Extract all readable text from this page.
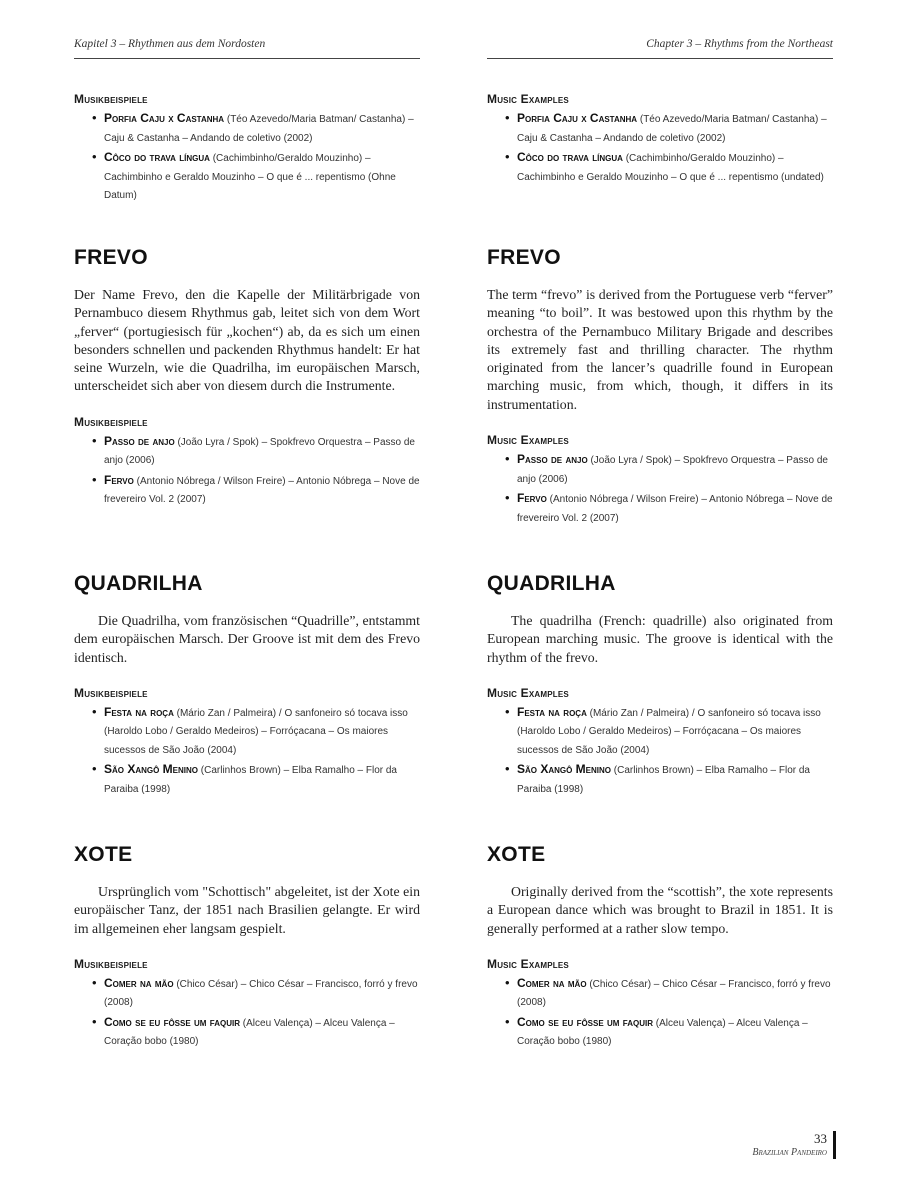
Kapitel 3 – Rhythmen aus dem Nordosten
Musikbeispiele
• Porfia Caju x Castanha (Téo Azevedo/Maria Batman/ Castanha) – Caju & Castanha – Andando de coletivo (2002)
• Côco do trava língua (Cachimbinho/Geraldo Mouzinho) – Cachimbinho e Geraldo Mouzinho – O que é ... repentismo (Ohne Datum)
FREVO

Der Name Frevo, den die Kapelle der Militärbrigade von Pernambuco diesem Rhythmus gab, leitet sich von dem Wort „ferver“ (portugiesisch für „kochen“) ab, da es sich um einen besonders schnellen und packenden Rhythmus handelt: Er hat seine Wurzeln, wie die Quadrilha, im europäischen Marsch, unterscheidet sich aber von diesem durch die Instrumente.

Musikbeispiele
• Passo de anjo (João Lyra / Spok) – Spokfrevo Orquestra – Passo de anjo (2006)
• Fervo (Antonio Nóbrega / Wilson Freire) – Antonio Nóbrega – Nove de frevereiro Vol. 2 (2007)
QUADRILHA

Die Quadrilha, vom französischen “Quadrille”, entstammt dem europäischen Marsch. Der Groove ist mit dem des Frevo identisch.

Musikbeispiele
• Festa na roça (Mário Zan / Palmeira) / O sanfoneiro só tocava isso (Haroldo Lobo / Geraldo Medeiros) – Forróçacana – Os maiores sucessos de São João (2004)
• São Xangô Menino (Carlinhos Brown) – Elba Ramalho – Flor da Paraiba (1998)
XOTE

Ursprünglich vom "Schottisch" abgeleitet, ist der Xote ein europäischer Tanz, der 1851 nach Brasilien gelangte. Er wird im allgemeinen eher langsam gespielt.

Musikbeispiele
• Comer na mão (Chico César) – Chico César – Francisco, forró y frevo (2008)
• Como se eu fôsse um faquir (Alceu Valença) – Alceu Valença – Coração bobo (1980)
Chapter 3 – Rhythms from the Northeast
Music Examples
• Porfia Caju x Castanha (Téo Azevedo/Maria Batman/ Castanha) – Caju & Castanha – Andando de coletivo (2002)
• Côco do trava língua (Cachimbinho/Geraldo Mouzinho) – Cachimbinho e Geraldo Mouzinho – O que é ... repentismo (undated)
FREVO

The term “frevo” is derived from the Portuguese verb “ferver” meaning “to boil”. It was bestowed upon this rhythm by the orchestra of the Pernambuco Military Brigade and describes its extremely fast and thrilling character. The rhythm originated from the lancer’s quadrille found in European marching music, from which, though, it differs in its instrumentation.

Music Examples
• Passo de anjo (João Lyra / Spok) – Spokfrevo Orquestra – Passo de anjo (2006)
• Fervo (Antonio Nóbrega / Wilson Freire) – Antonio Nóbrega – Nove de frevereiro Vol. 2 (2007)
QUADRILHA

The quadrilha (French: quadrille) also originated from European marching music. The groove is identical with the rhythm of the frevo.

Music Examples
• Festa na roça (Mário Zan / Palmeira) / O sanfoneiro só tocava isso (Haroldo Lobo / Geraldo Medeiros) – Forróçacana – Os maiores sucessos de São João (2004)
• São Xangô Menino (Carlinhos Brown) – Elba Ramalho – Flor da Paraiba (1998)
XOTE

Originally derived from the “scottish”, the xote represents a European dance which was brought to Brazil in 1851. It is generally performed at a rather slow tempo.

Music Examples
• Comer na mão (Chico César) – Chico César – Francisco, forró y frevo (2008)
• Como se eu fôsse um faquir (Alceu Valença) – Alceu Valença – Coração bobo (1980)
33
Brazilian Pandeiro
